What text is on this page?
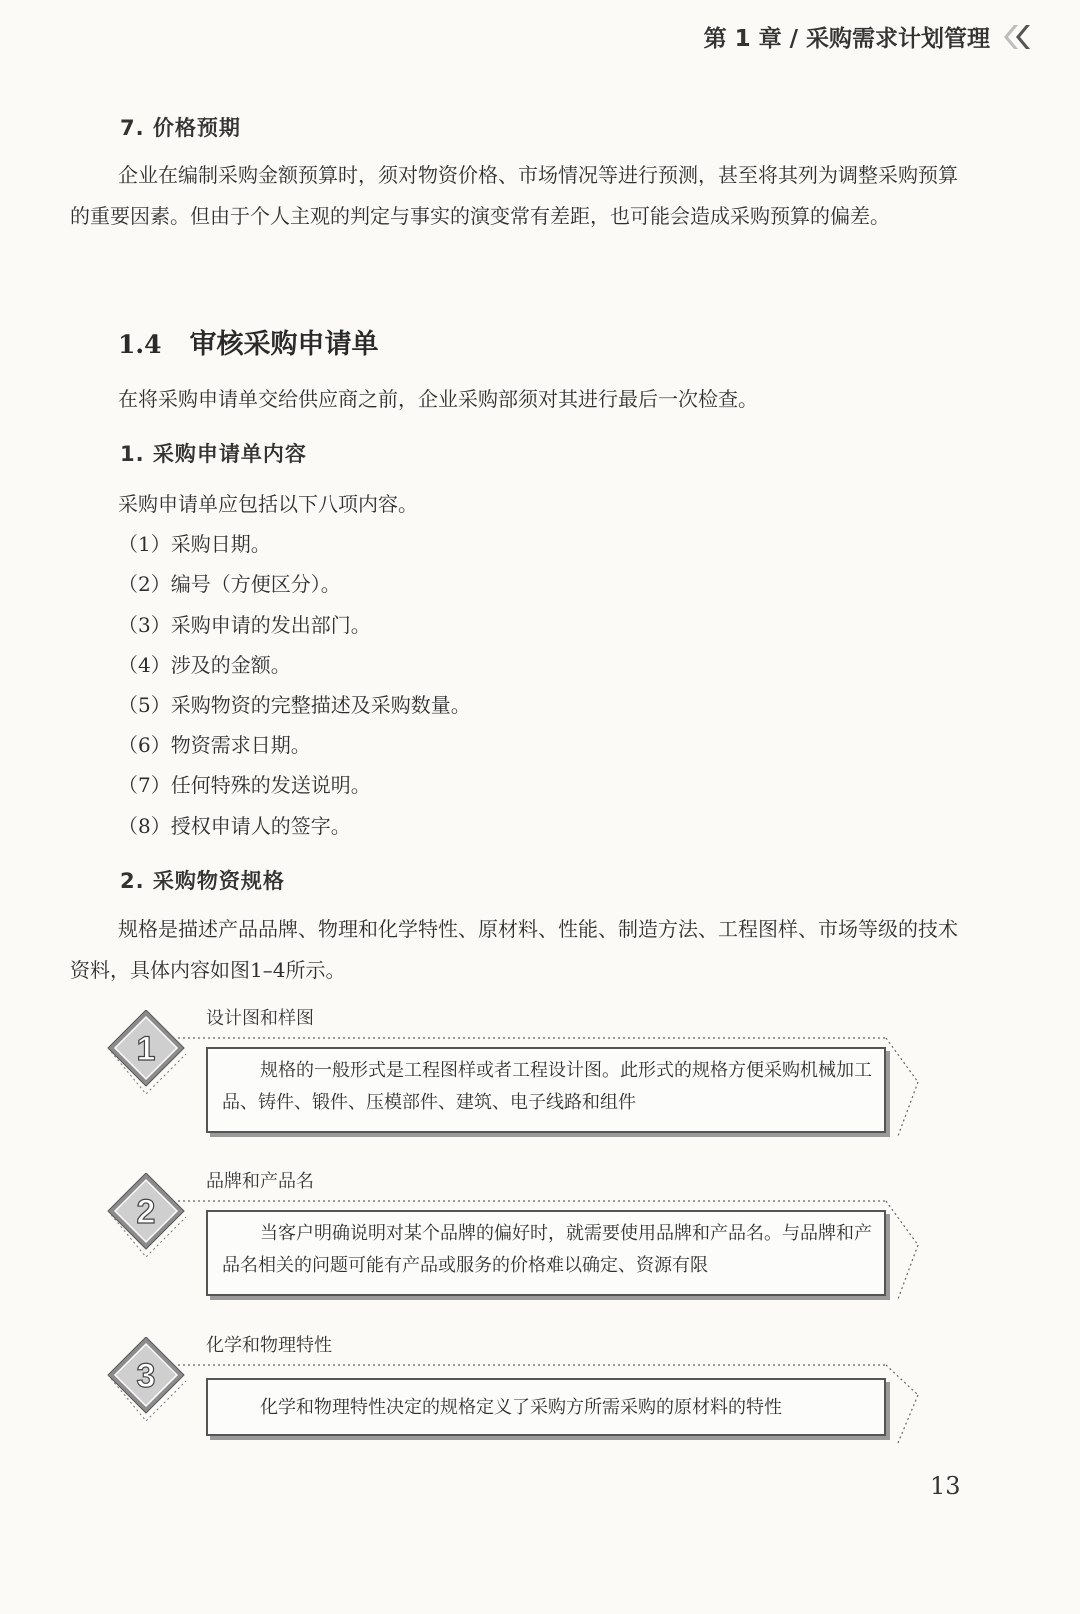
第 1 章 / 采购需求计划管理
7. 价格预期
企业在编制采购金额预算时，须对物资价格、市场情况等进行预测，甚至将其列为调整采购预算的重要因素。但由于个人主观的判定与事实的演变常有差距，也可能会造成采购预算的偏差。
1.4 审核采购申请单
在将采购申请单交给供应商之前，企业采购部须对其进行最后一次检查。
1. 采购申请单内容
采购申请单应包括以下八项内容。
（1）采购日期。
（2）编号（方便区分）。
（3）采购申请的发出部门。
（4）涉及的金额。
（5）采购物资的完整描述及采购数量。
（6）物资需求日期。
（7）任何特殊的发送说明。
（8）授权申请人的签字。
2. 采购物资规格
规格是描述产品品牌、物理和化学特性、原材料、性能、制造方法、工程图样、市场等级的技术资料，具体内容如图1–4所示。
1
设计图和样图
规格的一般形式是工程图样或者工程设计图。此形式的规格方便采购机械加工品、铸件、锻件、压模部件、建筑、电子线路和组件
2
品牌和产品名
当客户明确说明对某个品牌的偏好时，就需要使用品牌和产品名。与品牌和产品名相关的问题可能有产品或服务的价格难以确定、资源有限
3
化学和物理特性
化学和物理特性决定的规格定义了采购方所需采购的原材料的特性
13
